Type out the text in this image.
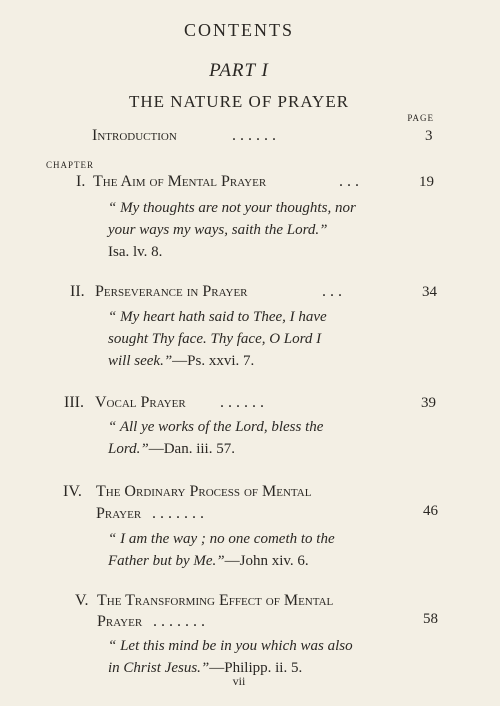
CONTENTS
PART I
THE NATURE OF PRAYER
PAGE
CHAPTER
Introduction	. . . . . .	3
I. The Aim of Mental Prayer	. . .	19
“ My thoughts are not your thoughts, nor
your ways my ways, saith the Lord.”
Isa. lv. 8.
II. Perseverance in Prayer	. . .	34
“ My heart hath said to Thee, I have
sought Thy face. Thy face, O Lord I
will seek.”—Ps. xxvi. 7.
III. Vocal Prayer . . . . . .	39
“ All ye works of the Lord, bless the
Lord.”—Dan. iii. 57.
IV. The Ordinary Process of Mental
Prayer . . . . . . .	46
“ I am the way ; no one cometh to the
Father but by Me.”—John xiv. 6.
V. The Transforming Effect of Mental
Prayer . . . . . . .	58
“ Let this mind be in you which was also
in Christ Jesus.”—Philipp. ii. 5.
vii
